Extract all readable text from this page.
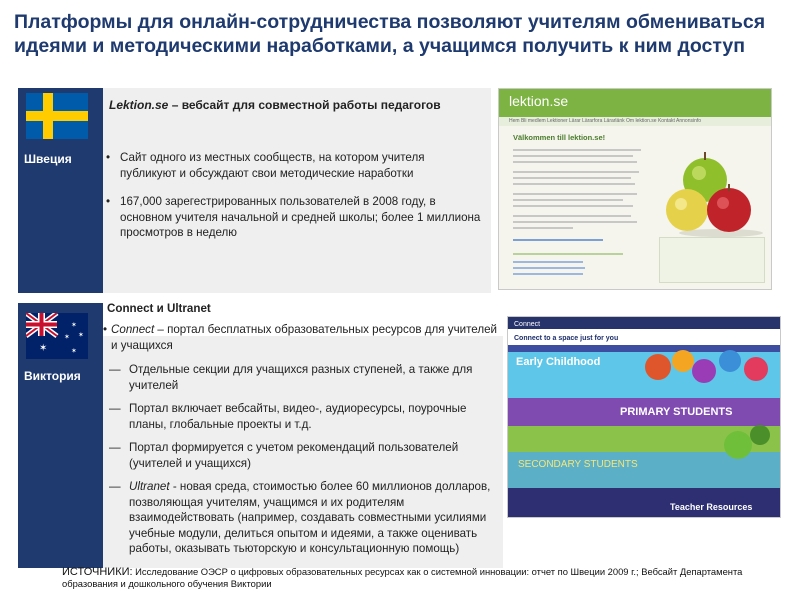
Платформы для онлайн-сотрудничества позволяют учителям обмениваться идеями и методическими наработками, а учащимся получить к ним доступ
Швеция
✶
✶
✶ ✶
✶
Виктория
Lektion.se – вебсайт для совместной работы педагогов
• Сайт одного из местных сообществ, на котором учителя публикуют и обсуждают свои методические наработки
• 167,000 зарегестрированных пользователей в 2008 году, в основном учителя начальной и средней школы; более 1 миллиона просмотров в неделю
lektion.se
Hem Bli medlem Lektioner Lärar Lärarfora Lärarlänk Om lektion.se Kontakt Annonsinfo
Välkommen till lektion.se!
Connect и Ultranet
• Connect – портал бесплатных образовательных ресурсов для учителей и учащихся
— Отдельные секции для учащихся разных ступеней, а также для учителей
— Портал включает вебсайты, видео-, аудиоресурсы, поурочные планы, глобальные проекты и т.д.
— Портал формируется с учетом рекомендаций пользователей (учителей и учащихся)
— Ultranet - новая среда, стоимостью более 60 миллионов долларов, позволяющая учителям, учащимся и их родителям взаимодействовать (например, создавать совместными усилиями учебные модули, делиться опытом и идеями, а также оценивать работы, оказывать тьюторскую и консультационную помощь)
Connect
Connect to a space just for you
Early Childhood
PRIMARY STUDENTS
SECONDARY STUDENTS
Teacher Resources
ИСТОЧНИКИ: Исследование ОЭСР о цифровых образовательных ресурсах как о системной инновации: отчет по Швеции 2009 г.; Вебсайт Департамента образования и дошкольного обучения Виктории
